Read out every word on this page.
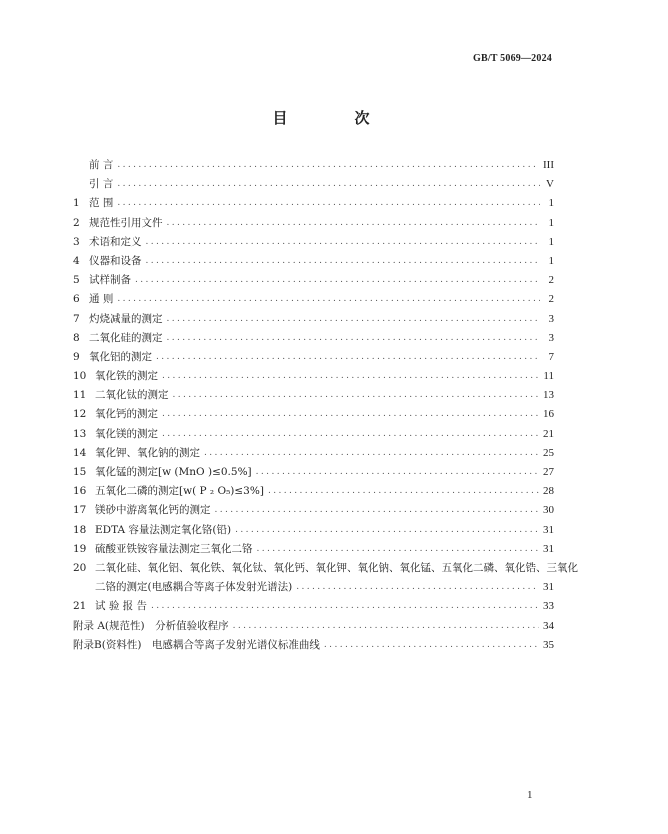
GB/T 5069—2024
目　次
前 言 .....	III
引 言 .....	V
1 范 围 .....	1
2 规范性引用文件 .....	1
3 术语和定义 .....	1
4 仪器和设备 .....	1
5 试样制备 .....	2
6 通 则 .....	2
7 灼烧减量的测定 .....	3
8 二氧化硅的测定 .....	3
9 氧化铝的测定 .....	7
10 氧化铁的测定 .....	11
11 二氧化钛的测定 .....	13
12 氧化钙的测定 .....	16
13 氧化镁的测定 .....	21
14 氧化钾、氧化钠的测定 .....	25
15 氧化锰的测定[w (MnO )≤0.5%] .....	27
16 五氧化二磷的测定[w( P ₂ O₅)≤3%] .....	28
17 镁砂中游离氧化钙的测定 .....	30
18 EDTA 容量法测定氧化铬(铅) .....	31
19 硫酸亚铁铵容量法测定三氧化二铬 .....	31
20 二氧化硅、氧化铝、氧化铁、氧化钛、氧化钙、氧化钾、氧化钠、氧化锰、五氧化二磷、氧化锆、三氧化
二铬的测定(电感耦合等离子体发射光谱法) .....	31
21 试 验 报 告 .....	33
附录 A (规范性)　分析值验收程序 .....	34
附录B (资料性)　电感耦合等离子发射光谱仪标准曲线 .....	35
1
